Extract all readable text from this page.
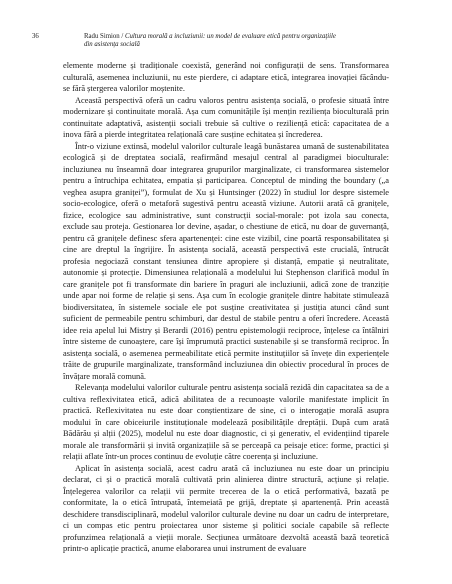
36	Radu Simion / Cultura morală a incluziunii: un model de evaluare etică pentru organizațiile
din asistența socială

elemente moderne și tradiționale coexistă, generând noi configurații de sens. Transformarea culturală, asemenea incluziunii, nu este pierdere, ci adaptare etică, integrarea inovației făcându-se fără ștergerea valorilor moștenite.

Această perspectivă oferă un cadru valoros pentru asistența socială, o profesie situată între modernizare și continuitate morală. Așa cum comunitățile își mențin reziliența bioculturală prin continuitate adaptativă, asistenții sociali trebuie să cultive o reziliență etică: capacitatea de a inova fără a pierde integritatea relațională care susține echitatea și încrederea.

Într-o viziune extinsă, modelul valorilor culturale leagă bunăstarea umană de sustenabilitatea ecologică și de dreptatea socială, reafirmând mesajul central al paradigmei bioculturale: incluziunea nu înseamnă doar integrarea grupurilor marginalizate, ci transformarea sistemelor pentru a întruchipa echitatea, empatia și participarea. Conceptul de minding the boundary („a veghea asupra graniței”), formulat de Xu și Huntsinger (2022) în studiul lor despre sistemele socio-ecologice, oferă o metaforă sugestivă pentru această viziune. Autorii arată că granițele, fizice, ecologice sau administrative, sunt construcții social-morale: pot izola sau conecta, exclude sau proteja. Gestionarea lor devine, așadar, o chestiune de etică, nu doar de guvernanță, pentru că granițele definesc sfera apartenenței: cine este vizibil, cine poartă responsabilitatea și cine are dreptul la îngrijire. În asistența socială, această perspectivă este crucială, întrucât profesia negociază constant tensiunea dintre apropiere și distanță, empatie și neutralitate, autonomie și protecție. Dimensiunea relațională a modelului lui Stephenson clarifică modul în care granițele pot fi transformate din bariere în praguri ale incluziunii, adică zone de tranziție unde apar noi forme de relație și sens. Așa cum în ecologie granițele dintre habitate stimulează biodiversitatea, în sistemele sociale ele pot susține creativitatea și justiția atunci când sunt suficient de permeabile pentru schimburi, dar destul de stabile pentru a oferi încredere. Această idee reia apelul lui Mistry și Berardi (2016) pentru epistemologii reciproce, înțelese ca întâlniri între sisteme de cunoaștere, care își împrumută practici sustenabile și se transformă reciproc. În asistența socială, o asemenea permeabilitate etică permite instituțiilor să învețe din experiențele trăite de grupurile marginalizate, transformând incluziunea din obiectiv procedural în proces de învățare morală comună.

Relevanța modelului valorilor culturale pentru asistența socială rezidă din capacitatea sa de a cultiva reflexivitatea etică, adică abilitatea de a recunoaște valorile manifestate implicit în practică. Reflexivitatea nu este doar conștientizare de sine, ci o interogație morală asupra modului în care obiceiurile instituționale modelează posibilitățile dreptății. După cum arată Bădărău și alții (2025), modelul nu este doar diagnostic, ci și generativ, el evidențiind tiparele morale ale transformării și invită organizațiile să se perceapă ca peisaje etice: forme, practici și relații aflate într-un proces continuu de evoluție către coerența și incluziune.

Aplicat în asistența socială, acest cadru arată că incluziunea nu este doar un principiu declarat, ci și o practică morală cultivată prin alinierea dintre structură, acțiune și relație. Înțelegerea valorilor ca relații vii permite trecerea de la o etică performativă, bazată pe conformitate, la o etică întrupată, întemeiată pe grijă, dreptate și apartenență. Prin această deschidere transdisciplinară, modelul valorilor culturale devine nu doar un cadru de interpretare, ci un compas etic pentru proiectarea unor sisteme și politici sociale capabile să reflecte profunzimea relațională a vieții morale. Secțiunea următoare dezvoltă această bază teoretică printr-o aplicație practică, anume elaborarea unui instrument de evaluare
